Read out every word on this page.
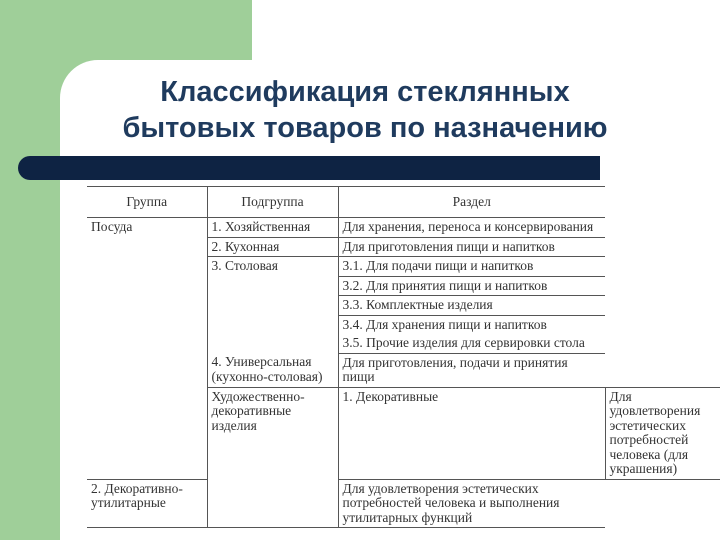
Классификация стеклянных
бытовых товаров по назначению
Группа	Подгруппа	Раздел	
Посуда	1. Хозяйственная	Для хранения, переноса и консервирования	
	2. Кухонная	Для приготовления пищи и напитков	
	3. Столовая	3.1. Для подачи пищи и напитков	
		3.2. Для принятия пищи и напитков	
		3.3. Комплектные изделия	
		3.4. Для хранения пищи и напитков	
		3.5. Прочие изделия для сервировки стола	
	4. Универсальная (кухонно-столовая)	Для приготовления, подачи и принятия пищи	
	Художественно-декоративные изделия	1. Декоративные	Для удовлетворения эстетических потребностей человека (для украшения)
2. Декоративно-утилитарные		Для удовлетворения эстетических потребностей человека и выполнения утилитарных функций	
